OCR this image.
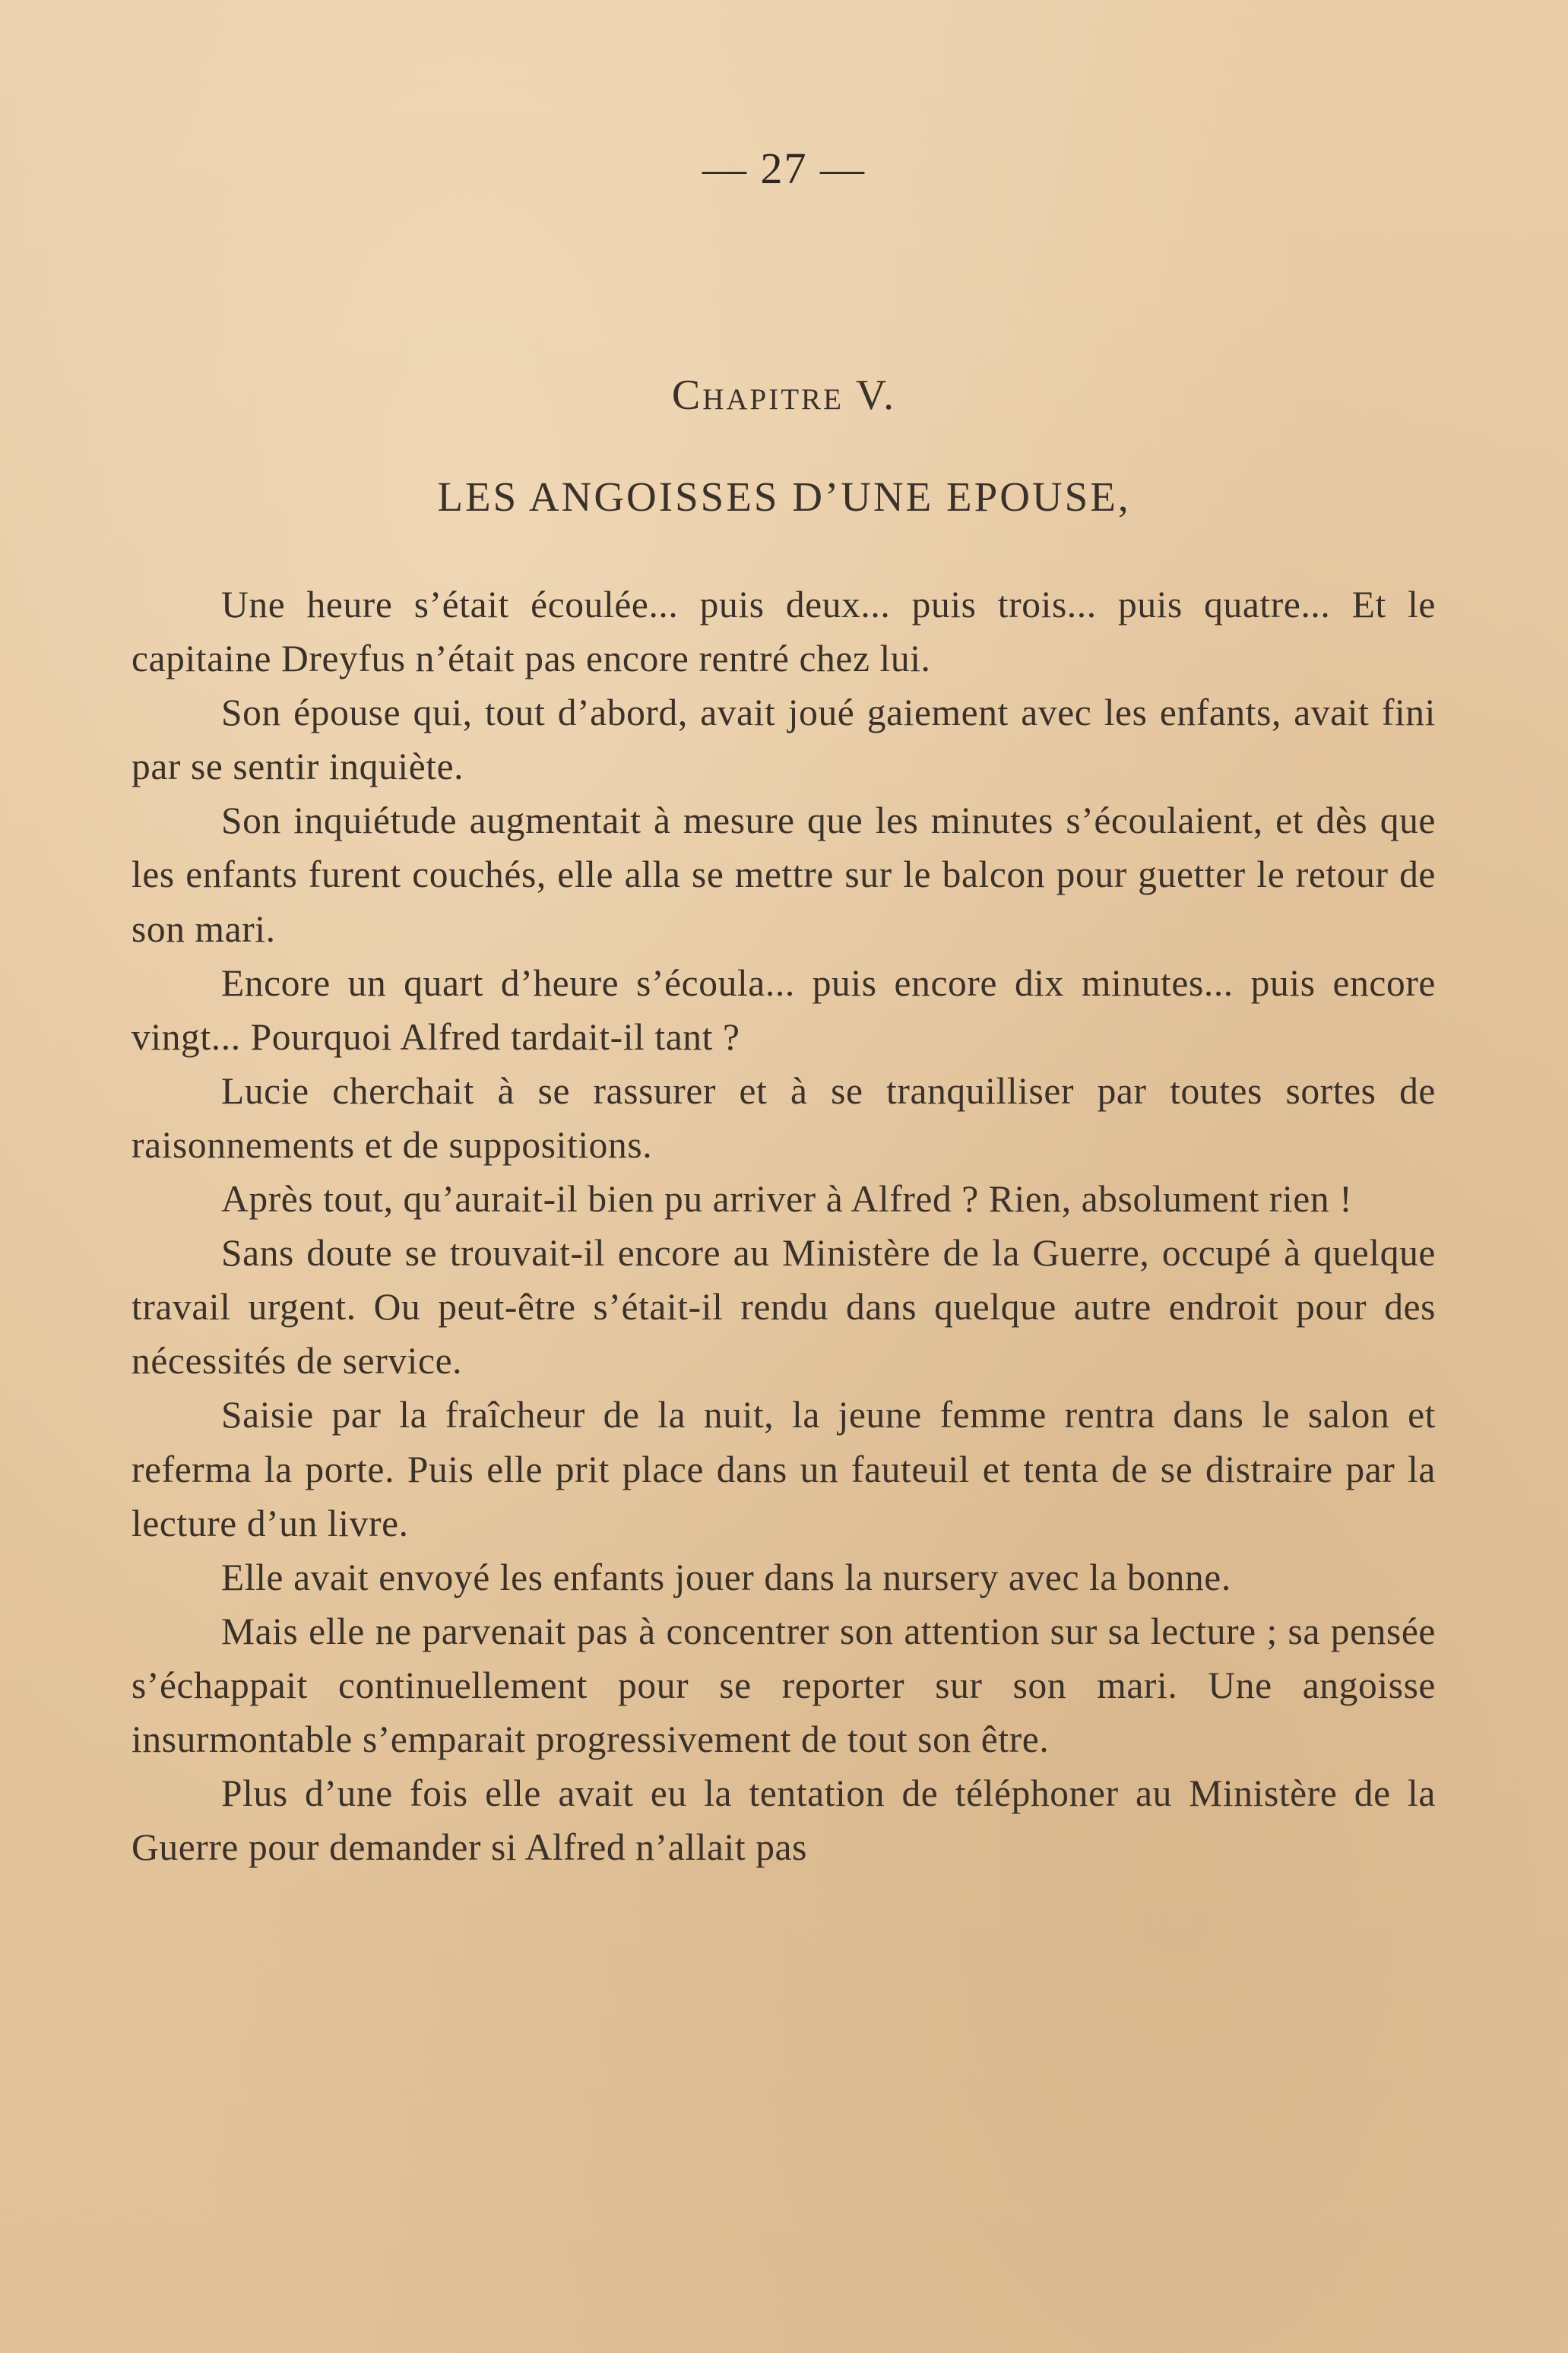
— 27 —
Chapitre V.
LES ANGOISSES D’UNE EPOUSE,

Une heure s’était écoulée... puis deux... puis trois... puis quatre... Et le capitaine Dreyfus n’était pas encore rentré chez lui.

Son épouse qui, tout d’abord, avait joué gaiement avec les enfants, avait fini par se sentir inquiète.

Son inquiétude augmentait à mesure que les minutes s’écoulaient, et dès que les enfants furent couchés, elle alla se mettre sur le balcon pour guetter le retour de son mari.

Encore un quart d’heure s’écoula... puis encore dix minutes... puis encore vingt... Pourquoi Alfred tardait-il tant ?

Lucie cherchait à se rassurer et à se tranquilliser par toutes sortes de raisonnements et de suppositions.

Après tout, qu’aurait-il bien pu arriver à Alfred ? Rien, absolument rien !

Sans doute se trouvait-il encore au Ministère de la Guerre, occupé à quelque travail urgent. Ou peut-être s’était-il rendu dans quelque autre endroit pour des nécessités de service.

Saisie par la fraîcheur de la nuit, la jeune femme rentra dans le salon et referma la porte. Puis elle prit place dans un fauteuil et tenta de se distraire par la lecture d’un livre.

Elle avait envoyé les enfants jouer dans la nursery avec la bonne.

Mais elle ne parvenait pas à concentrer son attention sur sa lecture ; sa pensée s’échappait continuellement pour se reporter sur son mari. Une angoisse insurmontable s’emparait progressivement de tout son être.

Plus d’une fois elle avait eu la tentation de téléphoner au Ministère de la Guerre pour demander si Alfred n’allait pas
